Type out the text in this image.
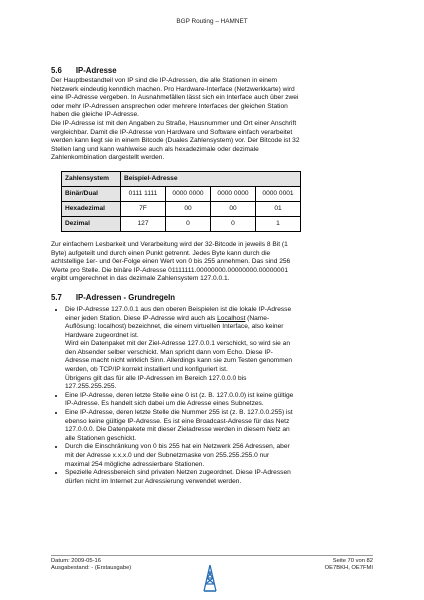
BGP Routing – HAMNET
5.6 IP-Adresse
Der Hauptbestandteil von IP sind die IP-Adressen, die alle Stationen in einem
Netzwerk eindeutig kenntlich machen. Pro Hardware-Interface (Netzwerkkarte) wird
eine IP-Adresse vergeben. In Ausnahmefällen lässt sich ein Interface auch über zwei
oder mehr IP-Adressen ansprechen oder mehrere Interfaces der gleichen Station
haben die gleiche IP-Adresse.
Die IP-Adresse ist mit den Angaben zu Straße, Hausnummer und Ort einer Anschrift
vergleichbar. Damit die IP-Adresse von Hardware und Software einfach verarbeitet
werden kann liegt sie in einem Bitcode (Duales Zahlensystem) vor. Der Bitcode ist 32
Stellen lang und kann wahlweise auch als hexadezimale oder dezimale
Zahlenkombination dargestellt werden.
Zahlensystem	Beispiel-Adresse			
Binär/Dual	0111 1111	0000 0000	0000 0000	0000 0001
Hexadezimal	7F	00	00	01
Dezimal	127	0	0	1
Zur einfachern Lesbarkeit und Verarbeitung wird der 32-Bitcode in jeweils 8 Bit (1
Byte) aufgeteilt und durch einen Punkt getrennt. Jedes Byte kann durch die
achtstellige 1er- und 0er-Folge einen Wert von 0 bis 255 annehmen. Das sind 256
Werte pro Stelle. Die binäre IP-Adresse 01111111.00000000.00000000.00000001
ergibt umgerechnet in das dezimale Zahlensystem 127.0.0.1.
5.7 IP-Adressen - Grundregeln
• Die IP-Adresse 127.0.0.1 aus den oberen Beispielen ist die lokale IP-Adresse
einer jeden Station. Diese IP-Adresse wird auch als Localhost (Name-
Auflösung: localhost) bezeichnet, die einem virtuellen Interface, also keiner
Hardware zugeordnet ist.
Wird ein Datenpaket mit der Ziel-Adresse 127.0.0.1 verschickt, so wird sie an
den Absender selber verschickt. Man spricht dann vom Echo. Diese IP-
Adresse macht nicht wirklich Sinn. Allerdings kann sie zum Testen genommen
werden, ob TCP/IP korrekt installiert und konfiguriert ist.
Übrigens gilt das für alle IP-Adressen im Bereich 127.0.0.0 bis
127.255.255.255.
• Eine IP-Adresse, deren letzte Stelle eine 0 ist (z. B. 127.0.0.0) ist keine gültige
IP-Adresse. Es handelt sich dabei um die Adresse eines Subnetzes.
• Eine IP-Adresse, deren letzte Stelle die Nummer 255 ist (z. B. 127.0.0.255) ist
ebenso keine gültige IP-Adresse. Es ist eine Broadcast-Adresse für das Netz
127.0.0.0. Die Datenpakete mit dieser Zieladresse werden in diesem Netz an
alle Stationen geschickt.
• Durch die Einschränkung von 0 bis 255 hat ein Netzwerk 256 Adressen, aber
mit der Adresse x.x.x.0 und der Subnetzmaske von 255.255.255.0 nur
maximal 254 mögliche adressierbare Stationen.
• Spezielle Adressbereich sind privaten Netzen zugeordnet. Diese IP-Adressen
dürfen nicht im Internet zur Adressierung verwendet werden.
Datum: 2009-05-16
Ausgabestand: - (Erstausgabe)
Seite 70 von 82
OE7BKH, OE7FMI
